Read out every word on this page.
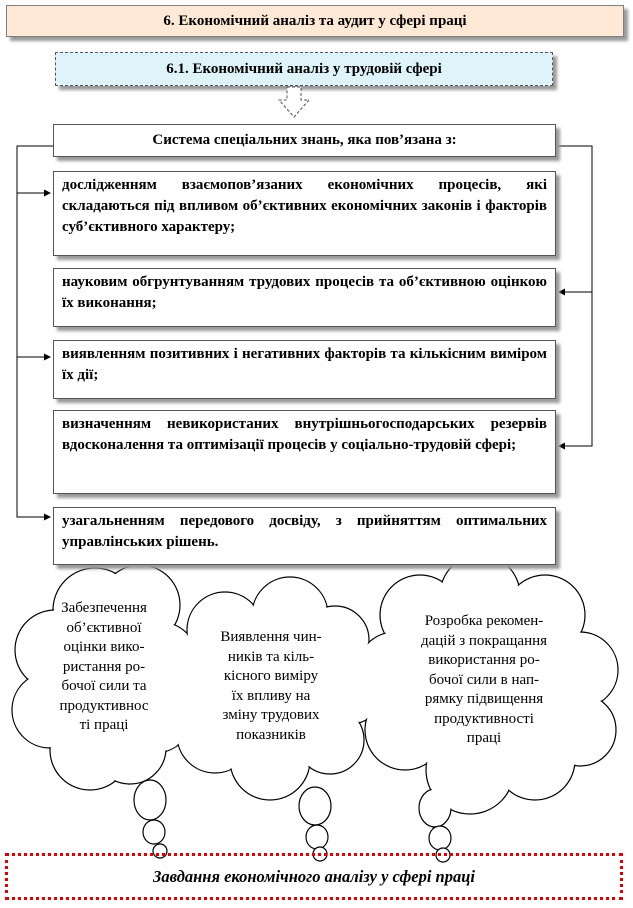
6. Економічний аналіз та аудит у сфері праці
6.1. Економічний аналіз у трудовій сфері
Система спеціальних знань, яка пов’язана з:
дослідженням взаємопов’язаних економічних процесів, які складаються під впливом об’єктивних економічних законів і факторів суб’єктивного характеру;
науковим обгрунтуванням трудових процесів та об’єктивною оцінкою їх виконання;
виявленням позитивних і негативних факторів та кількісним виміром їх дії;
визначенням невикористаних внутрішньогосподарських резервів вдосконалення та оптимізації процесів у соціально-трудовій сфері;
узагальненням передового досвіду, з прийняттям оптимальних управлінських рішень.
Забезпечення
об’єктивної
оцінки вико-
ристання ро-
бочої сили та
продуктивнос
ті праці
Виявлення чин-
ників та кіль-
кісного виміру
їх впливу на
зміну трудових
показників
Розробка рекомен-
дацій з покращання
використання ро-
бочої сили в нап-
рямку підвищення
продуктивності
праці
Завдання економічного аналізу у сфері праці
